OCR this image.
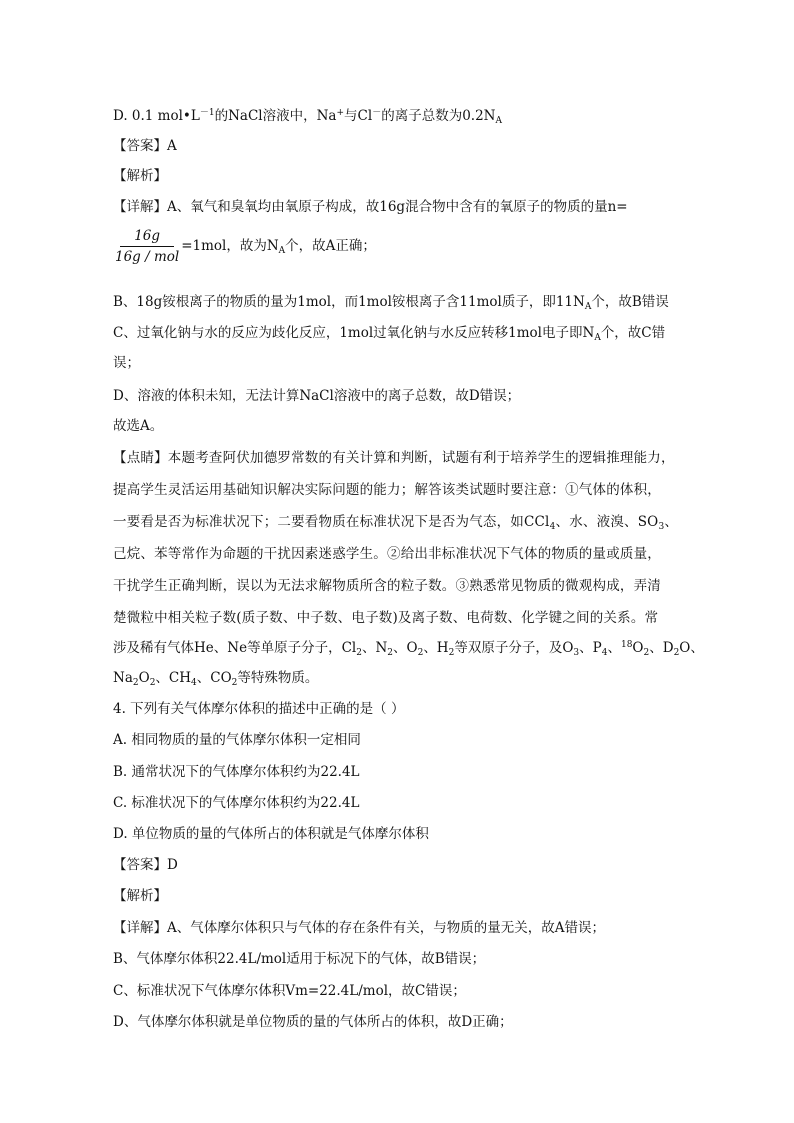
D. 0.1 $mol•L^{-1}$的NaCl溶液中，Na+与Cl－的离子总数为$0.2N_A$
【答案】A
【解析】
【详解】A、氧气和臭氧均由氧原子构成，故16g混合物中含有的氧原子的物质的量n=
$\frac{16g}{\text{16g / mol}} =1mol$，故为$N_A$个，故A正确；
B、18g铵根离子的物质的量为1mol，而1mol铵根离子含11mol质子，即$11N_A$个，故B错误
C、过氧化钠与水的反应为歧化反应，1mol过氧化钠与水反应转移1mol电子即$N_A$个，故C错
误；
D、溶液的体积未知，无法计算NaCl溶液中的离子总数，故D错误；
故选A。
【点睛】本题考查阿伏加德罗常数的有关计算和判断，试题有利于培养学生的逻辑推理能力，
提高学生灵活运用基础知识解决实际问题的能力；解答该类试题时要注意：①气体的体积，
一要看是否为标准状况下；二要看物质在标准状况下是否为气态，如CCl$_4$、水、液溴、$SO_3$、
己烷、苯等常作为命题的干扰因素迷惑学生。②给出非标准状况下气体的物质的量或质量，
干扰学生正确判断，误以为无法求解物质所含的粒子数。③熟悉常见物质的微观构成，弄清
楚微粒中相关粒子数(质子数、中子数、电子数)及离子数、电荷数、化学键之间的关系。常
涉及稀有气体He、Ne等单原子分子，$Cl_2$、$N_2$、$O_2$、$H_2$等双原子分子，及$O_3$、$P_4$、$^{18}O_2$、$D_2O$、
$Na_2O_2$、$CH_4$、$CO_2$等特殊物质。
4. 下列有关气体摩尔体积的描述中正确的是（ ）
A. 相同物质的量的气体摩尔体积一定相同
B. 通常状况下的气体摩尔体积约为22.4L
C. 标准状况下的气体摩尔体积约为22.4L
D. 单位物质的量的气体所占的体积就是气体摩尔体积
【答案】D
【解析】
【详解】A、气体摩尔体积只与气体的存在条件有关，与物质的量无关，故A错误；
B、气体摩尔体积22.4L/mol适用于标况下的气体，故B错误；
C、标准状况下气体摩尔体积Vm=22.4L/mol，故C错误；
D、气体摩尔体积就是单位物质的量的气体所占的体积，故D正确；
